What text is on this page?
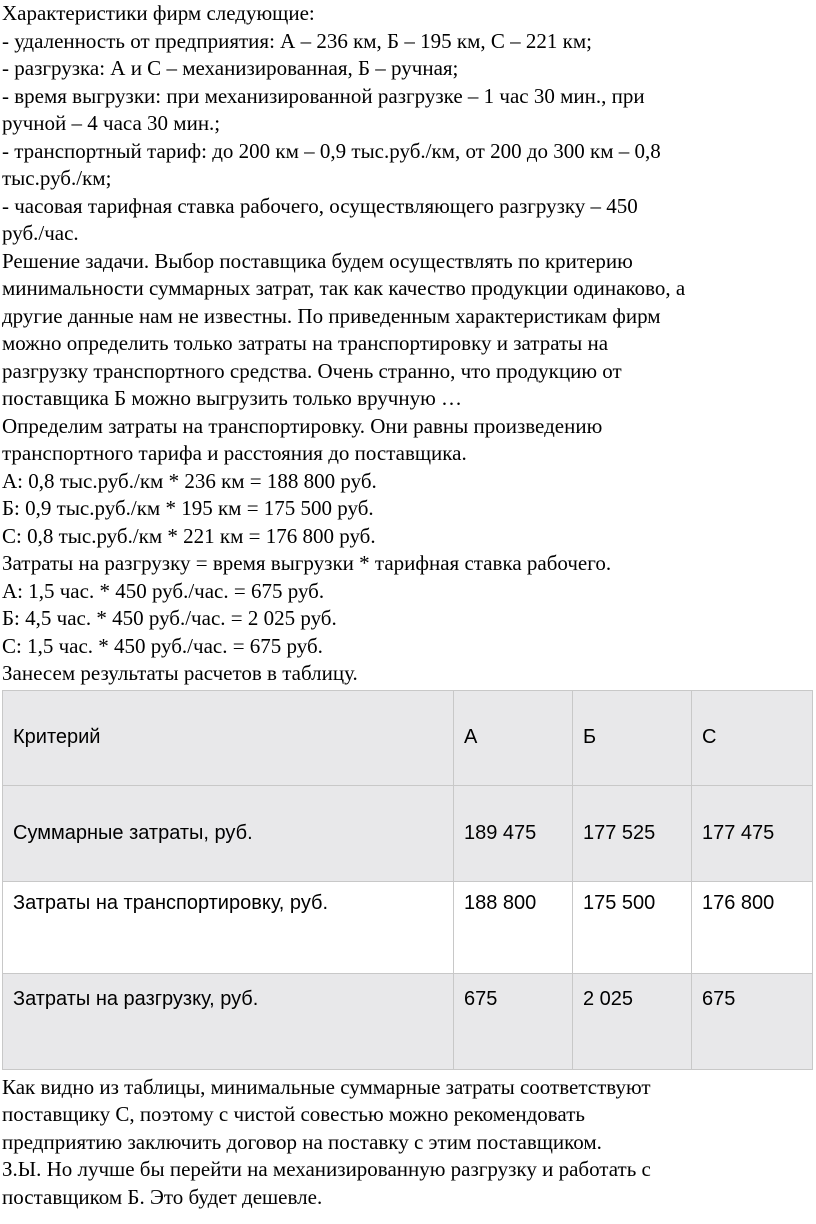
Характеристики фирм следующие:

- удаленность от предприятия: А – 236 км, Б – 195 км, С – 221 км;

- разгрузка: А и С – механизированная, Б – ручная;

- время выгрузки: при механизированной разгрузке – 1 час 30 мин., при

ручной – 4 часа 30 мин.;

- транспортный тариф: до 200 км – 0,9 тыс.руб./км, от 200 до 300 км – 0,8

тыс.руб./км;

- часовая тарифная ставка рабочего, осуществляющего разгрузку – 450

руб./час.

Решение задачи. Выбор поставщика будем осуществлять по критерию

минимальности суммарных затрат, так как качество продукции одинаково, а

другие данные нам не известны. По приведенным характеристикам фирм

можно определить только затраты на транспортировку и затраты на

разгрузку транспортного средства. Очень странно, что продукцию от

поставщика Б можно выгрузить только вручную …

Определим затраты на транспортировку. Они равны произведению

транспортного тарифа и расстояния до поставщика.

А: 0,8 тыс.руб./км * 236 км = 188 800 руб.

Б: 0,9 тыс.руб./км * 195 км = 175 500 руб.

С: 0,8 тыс.руб./км * 221 км = 176 800 руб.

Затраты на разгрузку = время выгрузки * тарифная ставка рабочего.

А: 1,5 час. * 450 руб./час. = 675 руб.

Б: 4,5 час. * 450 руб./час. = 2 025 руб.

С: 1,5 час. * 450 руб./час. = 675 руб.

Занесем результаты расчетов в таблицу.

Критерий	А	Б	С
Суммарные затраты, руб.	189 475	177 525	177 475
Затраты на транспортировку, руб.	188 800	175 500	176 800
Затраты на разгрузку, руб.	675	2 025	675

Как видно из таблицы, минимальные суммарные затраты соответствуют

поставщику С, поэтому с чистой совестью можно рекомендовать

предприятию заключить договор на поставку с этим поставщиком.

З.Ы. Но лучше бы перейти на механизированную разгрузку и работать с

поставщиком Б. Это будет дешевле.
